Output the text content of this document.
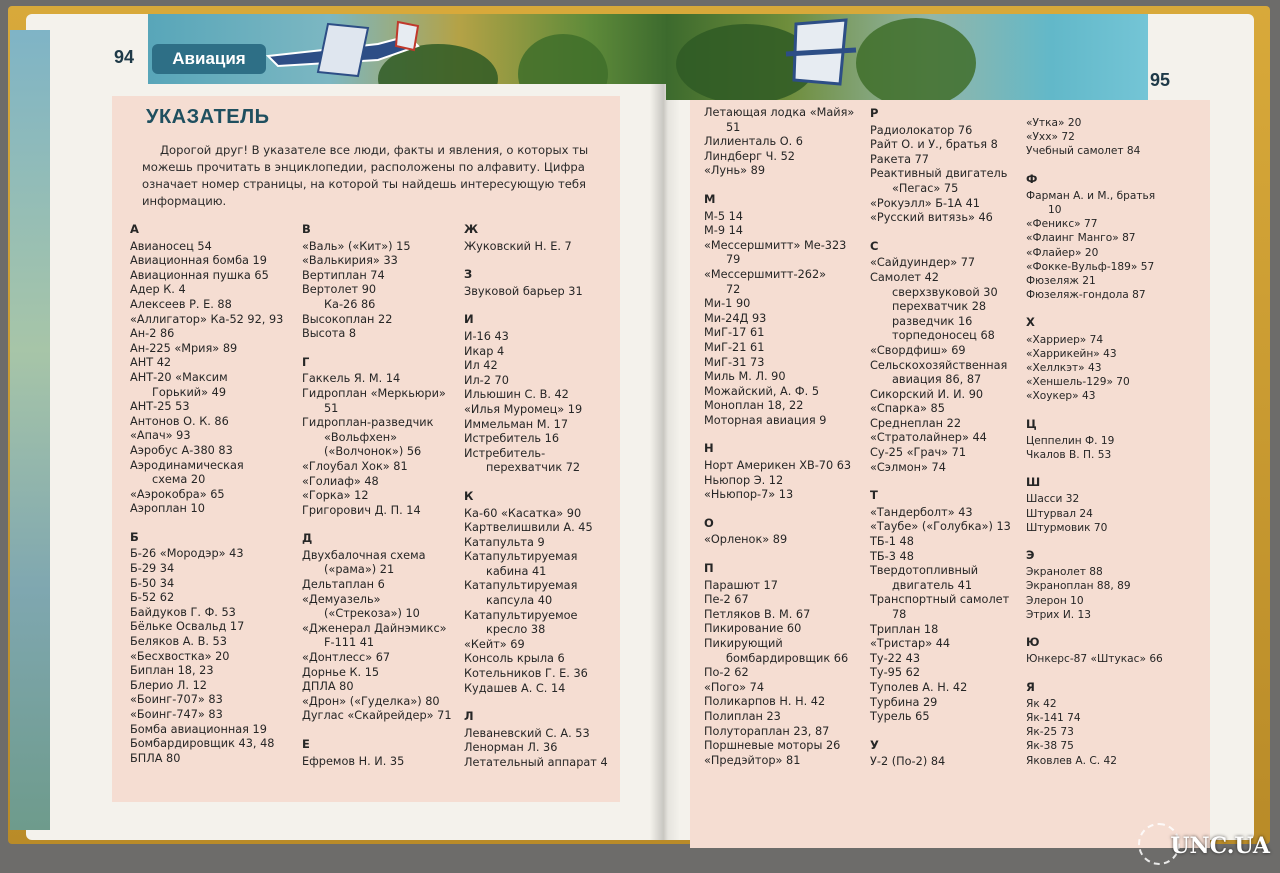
94	Авиация
95
УКАЗАТЕЛЬ
Дорогой друг! В указателе все люди, факты и явления, о которых ты можешь прочитать в энциклопедии, расположены по алфавиту. Цифра означает номер страницы, на которой ты найдешь интересующую тебя информацию.
А
Авианосец 54
Авиационная бомба 19
Авиационная пушка 65
Адер К. 4
Алексеев Р. Е. 88
«Аллигатор» Ка-52 92, 93
Ан-2 86
Ан-225 «Мрия» 89
АНТ 42
АНТ-20 «Максим
Горький» 49
АНТ-25 53
Антонов О. К. 86
«Апач» 93
Аэробус А-380 83
Аэродинамическая
схема 20
«Аэрокобра» 65
Аэроплан 10
Б
Б-26 «Мородэр» 43
Б-29 34
Б-50 34
Б-52 62
Байдуков Г. Ф. 53
Бёльке Освальд 17
Беляков А. В. 53
«Бесхвостка» 20
Биплан 18, 23
Блерио Л. 12
«Боинг-707» 83
«Боинг-747» 83
Бомба авиационная 19
Бомбардировщик 43, 48
БПЛА 80
В
«Валь» («Кит») 15
«Валькирия» 33
Вертиплан 74
Вертолет 90
Ка-26 86
Высокоплан 22
Высота 8
Г
Гаккель Я. М. 14
Гидроплан «Меркьюри»
51
Гидроплан-разведчик
«Вольфхен»
(«Волчонок») 56
«Глоубал Хок» 81
«Голиаф» 48
«Горка» 12
Григорович Д. П. 14
Д
Двухбалочная схема
(«рама») 21
Дельтаплан 6
«Демуазель»
(«Стрекоза») 10
«Дженерал Дайнэмикс»
F-111 41
«Донтлесс» 67
Дорнье К. 15
ДПЛА 80
«Дрон» («Гуделка») 80
Дуглас «Скайрейдер» 71
Е
Ефремов Н. И. 35
Ж
Жуковский Н. Е. 7
З
Звуковой барьер 31
И
И-16 43
Икар 4
Ил 42
Ил-2 70
Ильюшин С. В. 42
«Илья Муромец» 19
Иммельман М. 17
Истребитель 16
Истребитель-
перехватчик 72
К
Ка-60 «Касатка» 90
Картвелишвили А. 45
Катапульта 9
Катапультируемая
кабина 41
Катапультируемая
капсула 40
Катапультируемое
кресло 38
«Кейт» 69
Консоль крыла 6
Котельников Г. Е. 36
Кудашев А. С. 14
Л
Леваневский С. А. 53
Ленорман Л. 36
Летательный аппарат 4
Летающая лодка «Майя»
51
Лилиенталь О. 6
Линдберг Ч. 52
«Лунь» 89
М
М-5 14
М-9 14
«Мессершмитт» Ме-323
79
«Мессершмитт-262»
72
Ми-1 90
Ми-24Д 93
МиГ-17 61
МиГ-21 61
МиГ-31 73
Миль М. Л. 90
Можайский, А. Ф. 5
Моноплан 18, 22
Моторная авиация 9
Н
Норт Америкен XB-70 63
Ньюпор Э. 12
«Ньюпор-7» 13
О
«Орленок» 89
П
Парашют 17
Пе-2 67
Петляков В. М. 67
Пикирование 60
Пикирующий
бомбардировщик 66
По-2 62
«Пого» 74
Поликарпов Н. Н. 42
Полиплан 23
Полутораплан 23, 87
Поршневые моторы 26
«Предэйтор» 81
Р
Радиолокатор 76
Райт О. и У., братья 8
Ракета 77
Реактивный двигатель
«Пегас» 75
«Рокуэлл» Б-1А 41
«Русский витязь» 46
С
«Сайдуиндер» 77
Самолет 42
сверхзвуковой 30
перехватчик 28
разведчик 16
торпедоносец 68
«Свордфиш» 69
Сельскохозяйственная
авиация 86, 87
Сикорский И. И. 90
«Спарка» 85
Среднеплан 22
«Стратолайнер» 44
Су-25 «Грач» 71
«Сэлмон» 74
Т
«Тандерболт» 43
«Таубе» («Голубка») 13
ТБ-1 48
ТБ-3 48
Твердотопливный
двигатель 41
Транспортный самолет
78
Триплан 18
«Тристар» 44
Ту-22 43
Ту-95 62
Туполев А. Н. 42
Турбина 29
Турель 65
У
У-2 (По-2) 84
«Утка» 20
«Ухх» 72
Учебный самолет 84
Ф
Фарман А. и М., братья
10
«Феникс» 77
«Флаинг Манго» 87
«Флайер» 20
«Фокке-Вульф-189» 57
Фюзеляж 21
Фюзеляж-гондола 87
Х
«Харриер» 74
«Харрикейн» 43
«Хеллкэт» 43
«Хеншель-129» 70
«Хоукер» 43
Ц
Цеппелин Ф. 19
Чкалов В. П. 53
Ш
Шасси 32
Штурвал 24
Штурмовик 70
Э
Экранолет 88
Экраноплан 88, 89
Элерон 10
Этрих И. 13
Ю
Юнкерс-87 «Штукас» 66
Я
Як 42
Як-141 74
Як-25 73
Як-38 75
Яковлев А. С. 42
UNC.UA
